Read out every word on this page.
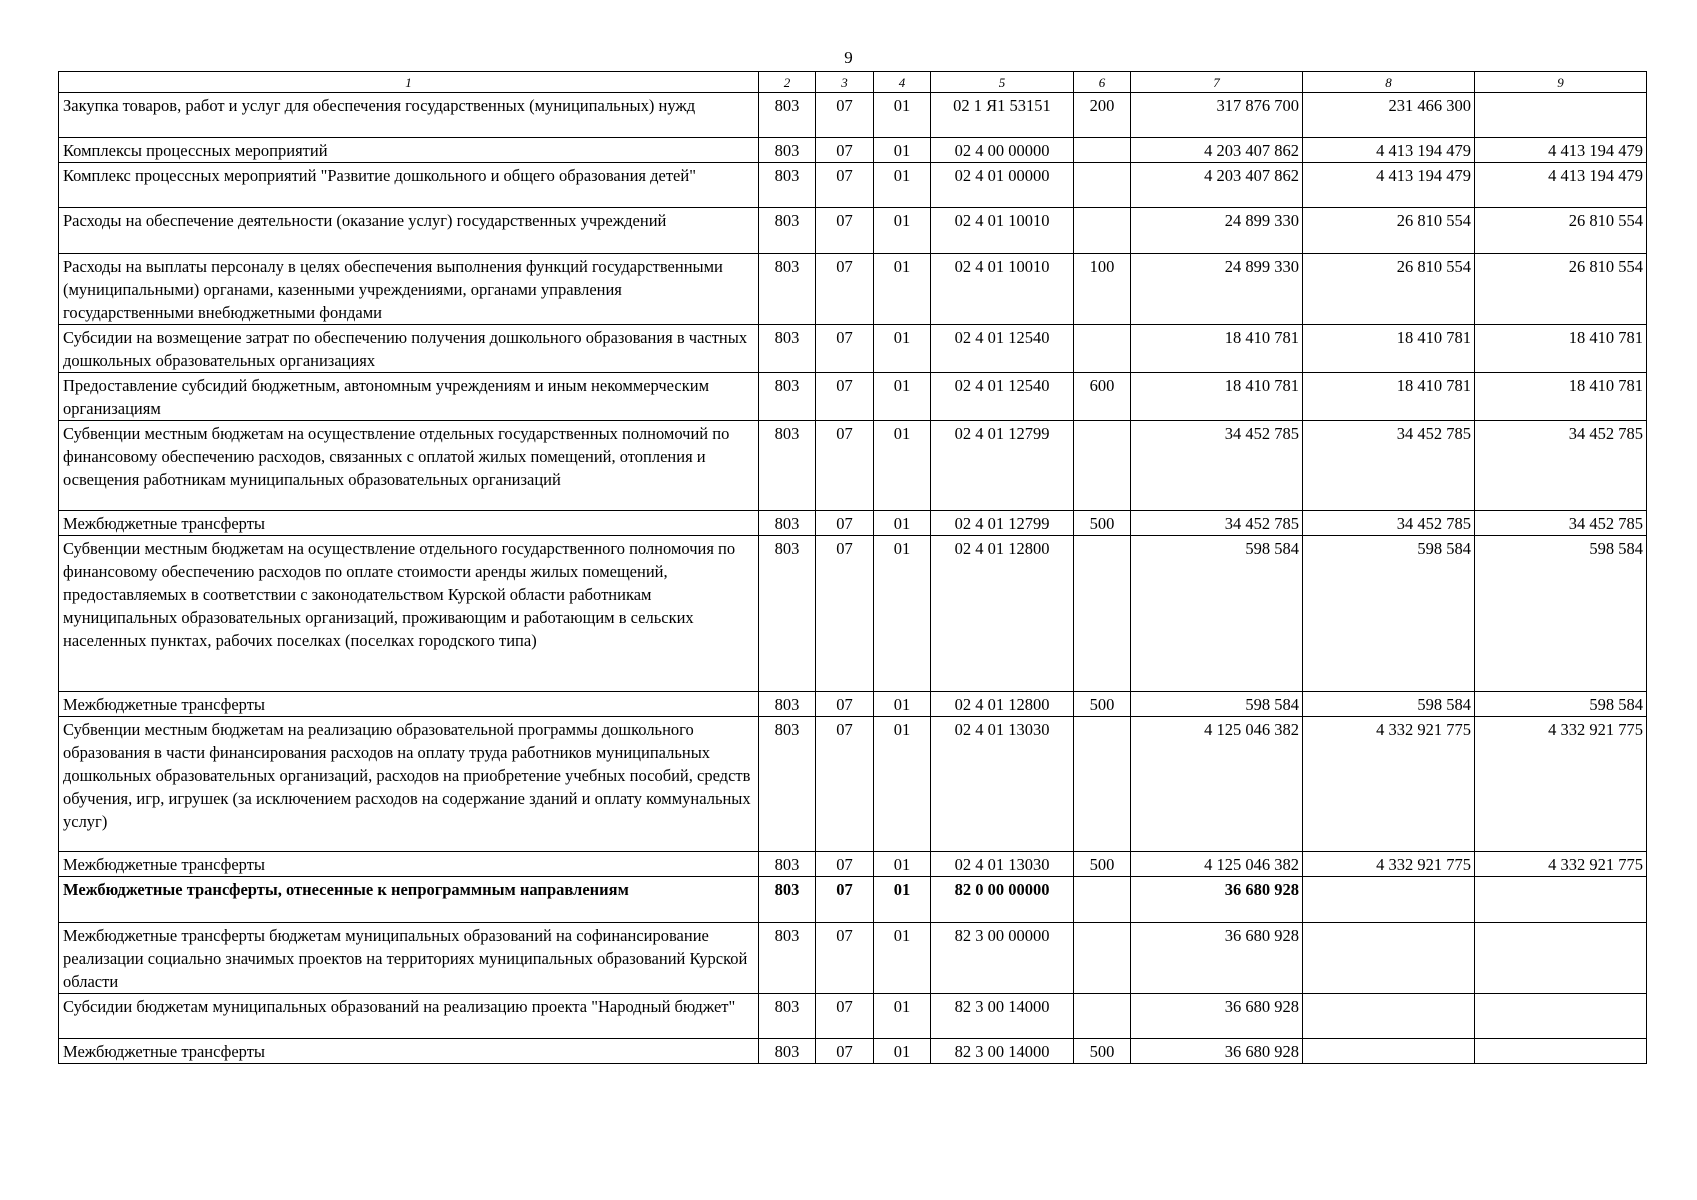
9
1	2	3	4	5	6	7	8	9
Закупка товаров, работ и услуг для обеспечения государственных (муниципальных) нужд	803	07	01	02 1 Я1 53151	200	317 876 700	231 466 300	
Комплексы процессных мероприятий	803	07	01	02 4 00 00000		4 203 407 862	4 413 194 479	4 413 194 479
Комплекс процессных мероприятий "Развитие дошкольного и общего образования детей"	803	07	01	02 4 01 00000		4 203 407 862	4 413 194 479	4 413 194 479
Расходы на обеспечение деятельности (оказание услуг) государственных учреждений	803	07	01	02 4 01 10010		24 899 330	26 810 554	26 810 554
Расходы на выплаты персоналу в целях обеспечения выполнения функций государственными (муниципальными) органами, казенными учреждениями, органами управления государственными внебюджетными фондами	803	07	01	02 4 01 10010	100	24 899 330	26 810 554	26 810 554
Субсидии на возмещение затрат по обеспечению получения дошкольного образования в частных дошкольных образовательных организациях	803	07	01	02 4 01 12540		18 410 781	18 410 781	18 410 781
Предоставление субсидий бюджетным, автономным учреждениям и иным некоммерческим организациям	803	07	01	02 4 01 12540	600	18 410 781	18 410 781	18 410 781
Субвенции местным бюджетам на осуществление отдельных государственных полномочий по финансовому обеспечению расходов, связанных с оплатой жилых помещений, отопления и освещения работникам муниципальных образовательных организаций	803	07	01	02 4 01 12799		34 452 785	34 452 785	34 452 785
Межбюджетные трансферты	803	07	01	02 4 01 12799	500	34 452 785	34 452 785	34 452 785
Субвенции местным бюджетам на осуществление отдельного государственного полномочия по финансовому обеспечению расходов по оплате стоимости аренды жилых помещений, предоставляемых в соответствии с законодательством Курской области работникам муниципальных образовательных организаций, проживающим и работающим в сельских населенных пунктах, рабочих поселках (поселках городского типа)	803	07	01	02 4 01 12800		598 584	598 584	598 584
Межбюджетные трансферты	803	07	01	02 4 01 12800	500	598 584	598 584	598 584
Субвенции местным бюджетам на реализацию образовательной программы дошкольного образования в части финансирования расходов на оплату труда работников муниципальных дошкольных образовательных организаций, расходов на приобретение учебных пособий, средств обучения, игр, игрушек (за исключением расходов на содержание зданий и оплату коммунальных услуг)	803	07	01	02 4 01 13030		4 125 046 382	4 332 921 775	4 332 921 775
Межбюджетные трансферты	803	07	01	02 4 01 13030	500	4 125 046 382	4 332 921 775	4 332 921 775
Межбюджетные трансферты, отнесенные к непрограммным направлениям	803	07	01	82 0 00 00000		36 680 928		
Межбюджетные трансферты бюджетам муниципальных образований на софинансирование реализации социально значимых проектов на территориях муниципальных образований Курской области	803	07	01	82 3 00 00000		36 680 928		
Субсидии бюджетам муниципальных образований на реализацию проекта "Народный бюджет"	803	07	01	82 3 00 14000		36 680 928		
Межбюджетные трансферты	803	07	01	82 3 00 14000	500	36 680 928		
